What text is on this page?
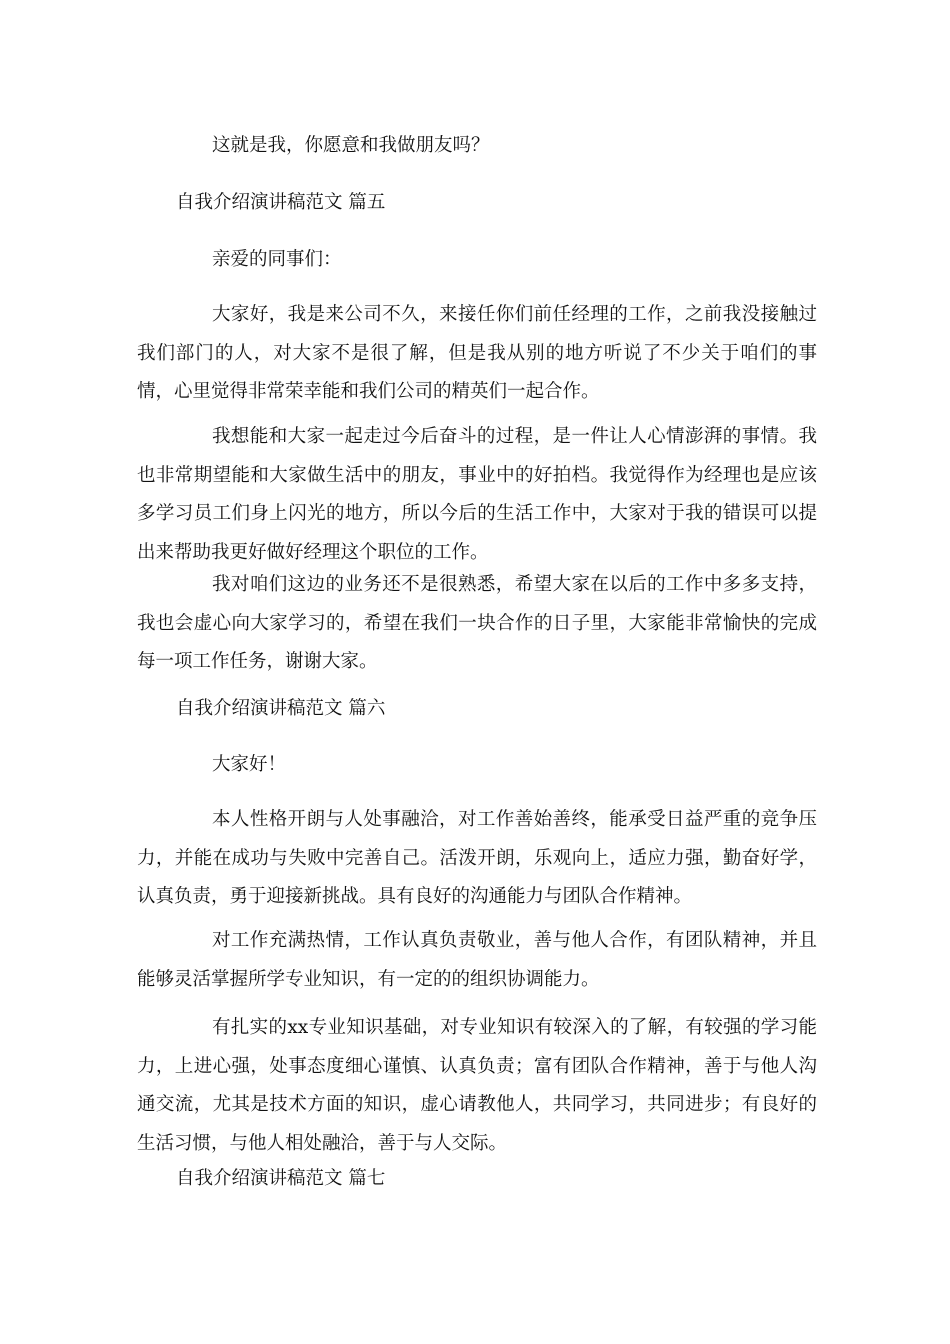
这就是我，你愿意和我做朋友吗？

自我介绍演讲稿范文 篇五

亲爱的同事们：

大家好，我是来公司不久，来接任你们前任经理的工作，之前我没接触过我们部门的人，对大家不是很了解，但是我从别的地方听说了不少关于咱们的事情，心里觉得非常荣幸能和我们公司的精英们一起合作。

我想能和大家一起走过今后奋斗的过程，是一件让人心情澎湃的事情。我也非常期望能和大家做生活中的朋友，事业中的好拍档。我觉得作为经理也是应该多学习员工们身上闪光的地方，所以今后的生活工作中，大家对于我的错误可以提出来帮助我更好做好经理这个职位的工作。

我对咱们这边的业务还不是很熟悉，希望大家在以后的工作中多多支持，我也会虚心向大家学习的，希望在我们一块合作的日子里，大家能非常愉快的完成每一项工作任务，谢谢大家。

自我介绍演讲稿范文 篇六

大家好！

本人性格开朗与人处事融洽，对工作善始善终，能承受日益严重的竞争压力，并能在成功与失败中完善自己。活泼开朗，乐观向上，适应力强，勤奋好学，认真负责，勇于迎接新挑战。具有良好的沟通能力与团队合作精神。

对工作充满热情，工作认真负责敬业，善与他人合作，有团队精神，并且能够灵活掌握所学专业知识，有一定的的组织协调能力。

有扎实的xx专业知识基础，对专业知识有较深入的了解，有较强的学习能力，上进心强，处事态度细心谨慎、认真负责；富有团队合作精神，善于与他人沟通交流，尤其是技术方面的知识，虚心请教他人，共同学习，共同进步；有良好的生活习惯，与他人相处融洽，善于与人交际。

自我介绍演讲稿范文 篇七
